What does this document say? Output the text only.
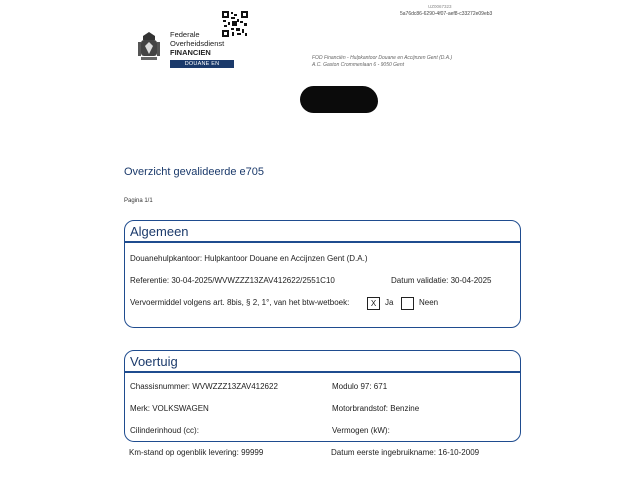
Federale
Overheidsdienst
FINANCIEN
DOUANE EN ACCIJNZEN
UZ0067323
5a76dc86-6290-4f07-aef8-c33272e09eb3
FOD Financiën - Hulpkantoor Douane en Accijnzen Gent (D.A.)
A.C. Gaston Crommenlaan 6 - 9050 Gent
Overzicht gevalideerde e705
Pagina 1/1
Algemeen
Douanehulpkantoor: Hulpkantoor Douane en Accijnzen Gent (D.A.)
Referentie: 30-04-2025/WVWZZZ13ZAV412622/2551C10	Datum validatie: 30-04-2025
Vervoermiddel volgens art. 8bis, § 2, 1°, van het btw-wetboek:	X	Ja	Neen
Voertuig
Chassisnummer: WVWZZZ13ZAV412622	Modulo 97: 671
Merk: VOLKSWAGEN	Motorbrandstof: Benzine
Cilinderinhoud (cc):	Vermogen (kW):
Km-stand op ogenblik levering: 99999	Datum eerste ingebruikname: 16-10-2009
